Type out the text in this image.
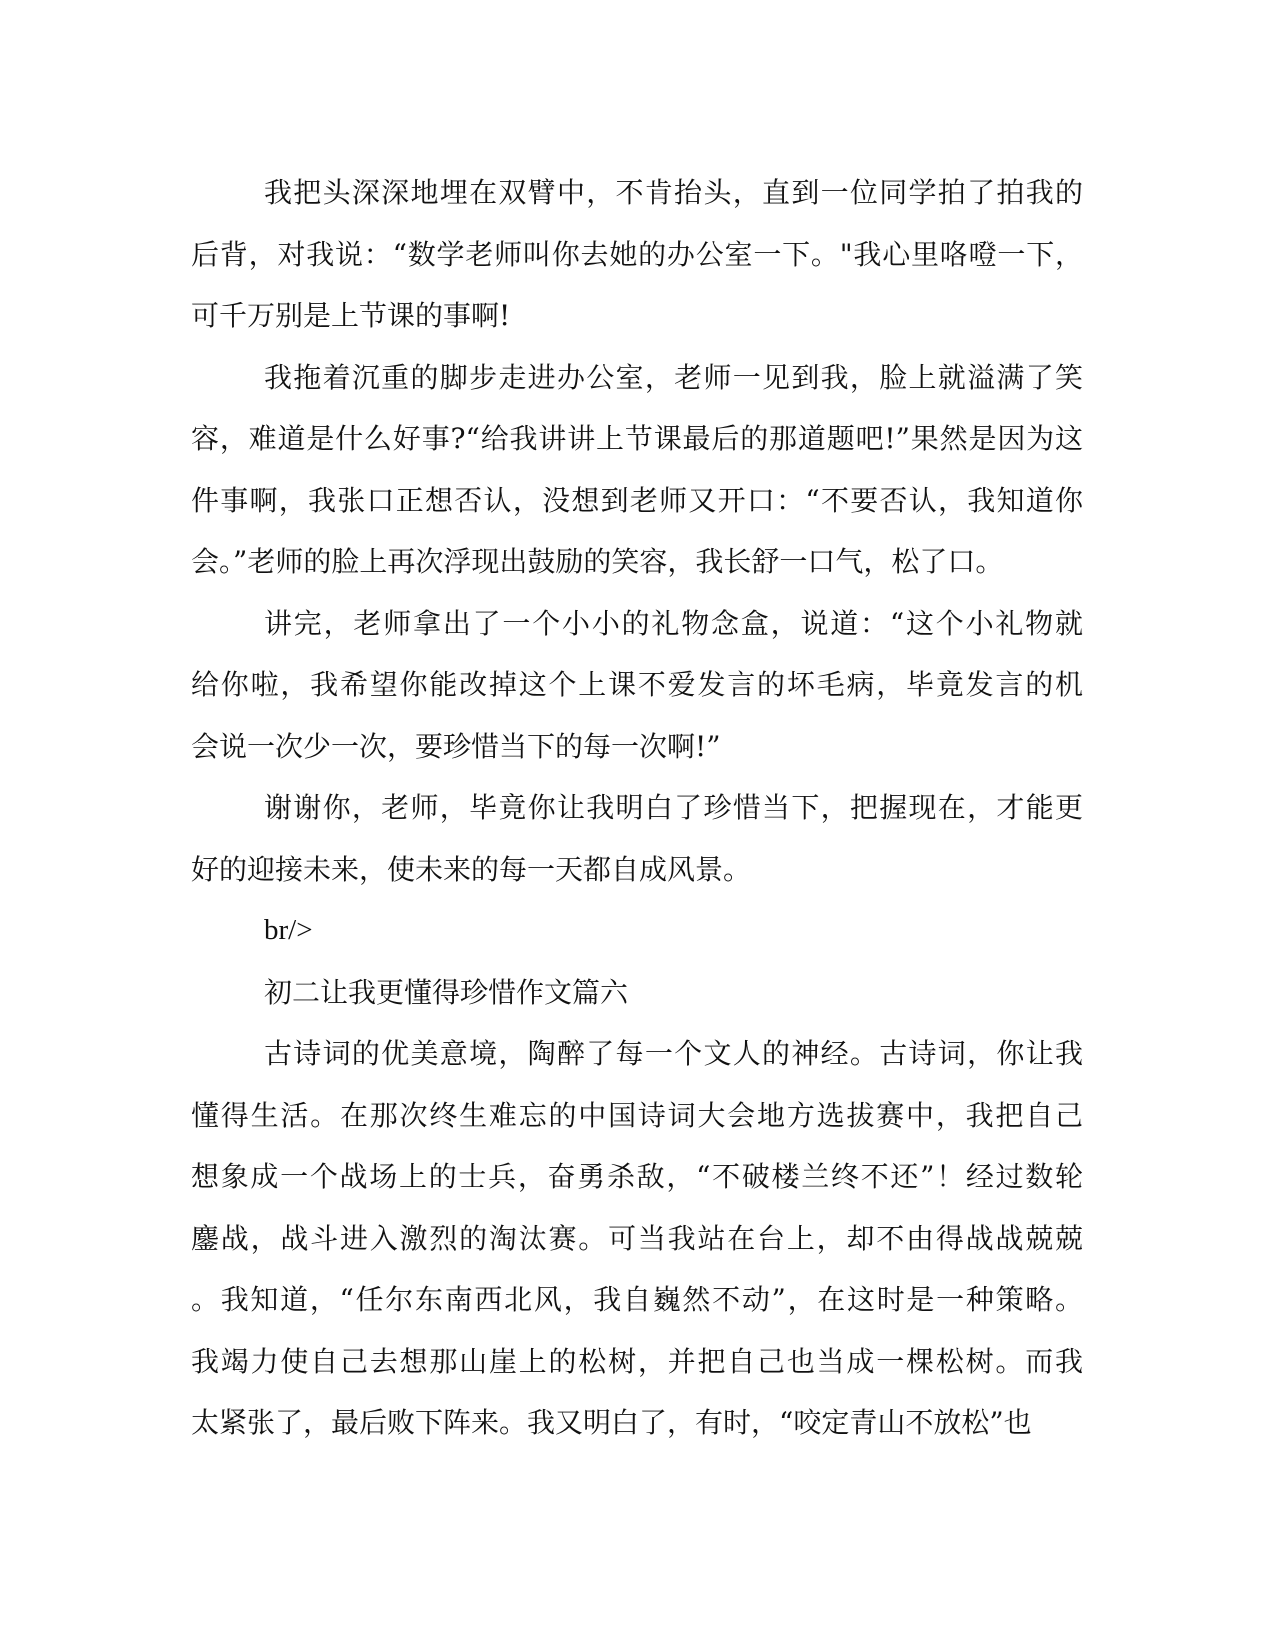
我把头深深地埋在双臂中，不肯抬头，直到一位同学拍了拍我的
后背，对我说：“数学老师叫你去她的办公室一下。"我心里咯噔一下，
可千万别是上节课的事啊!
我拖着沉重的脚步走进办公室，老师一见到我，脸上就溢满了笑
容，难道是什么好事?“给我讲讲上节课最后的那道题吧!”果然是因为这
件事啊，我张口正想否认，没想到老师又开口：“不要否认，我知道你
会。”老师的脸上再次浮现出鼓励的笑容，我长舒一口气，松了口。
讲完，老师拿出了一个小小的礼物念盒，说道：“这个小礼物就
给你啦，我希望你能改掉这个上课不爱发言的坏毛病，毕竟发言的机
会说一次少一次，要珍惜当下的每一次啊!”
谢谢你，老师，毕竟你让我明白了珍惜当下，把握现在，才能更
好的迎接未来，使未来的每一天都自成风景。
br/>
初二让我更懂得珍惜作文篇六
古诗词的优美意境，陶醉了每一个文人的神经。古诗词，你让我
懂得生活。在那次终生难忘的中国诗词大会地方选拔赛中，我把自己
想象成一个战场上的士兵，奋勇杀敌，“不破楼兰终不还”！经过数轮
鏖战，战斗进入激烈的淘汰赛。可当我站在台上，却不由得战战兢兢
。我知道，“任尔东南西北风，我自巍然不动”，在这时是一种策略。
我竭力使自己去想那山崖上的松树，并把自己也当成一棵松树。而我
太紧张了，最后败下阵来。我又明白了，有时，“咬定青山不放松”也
